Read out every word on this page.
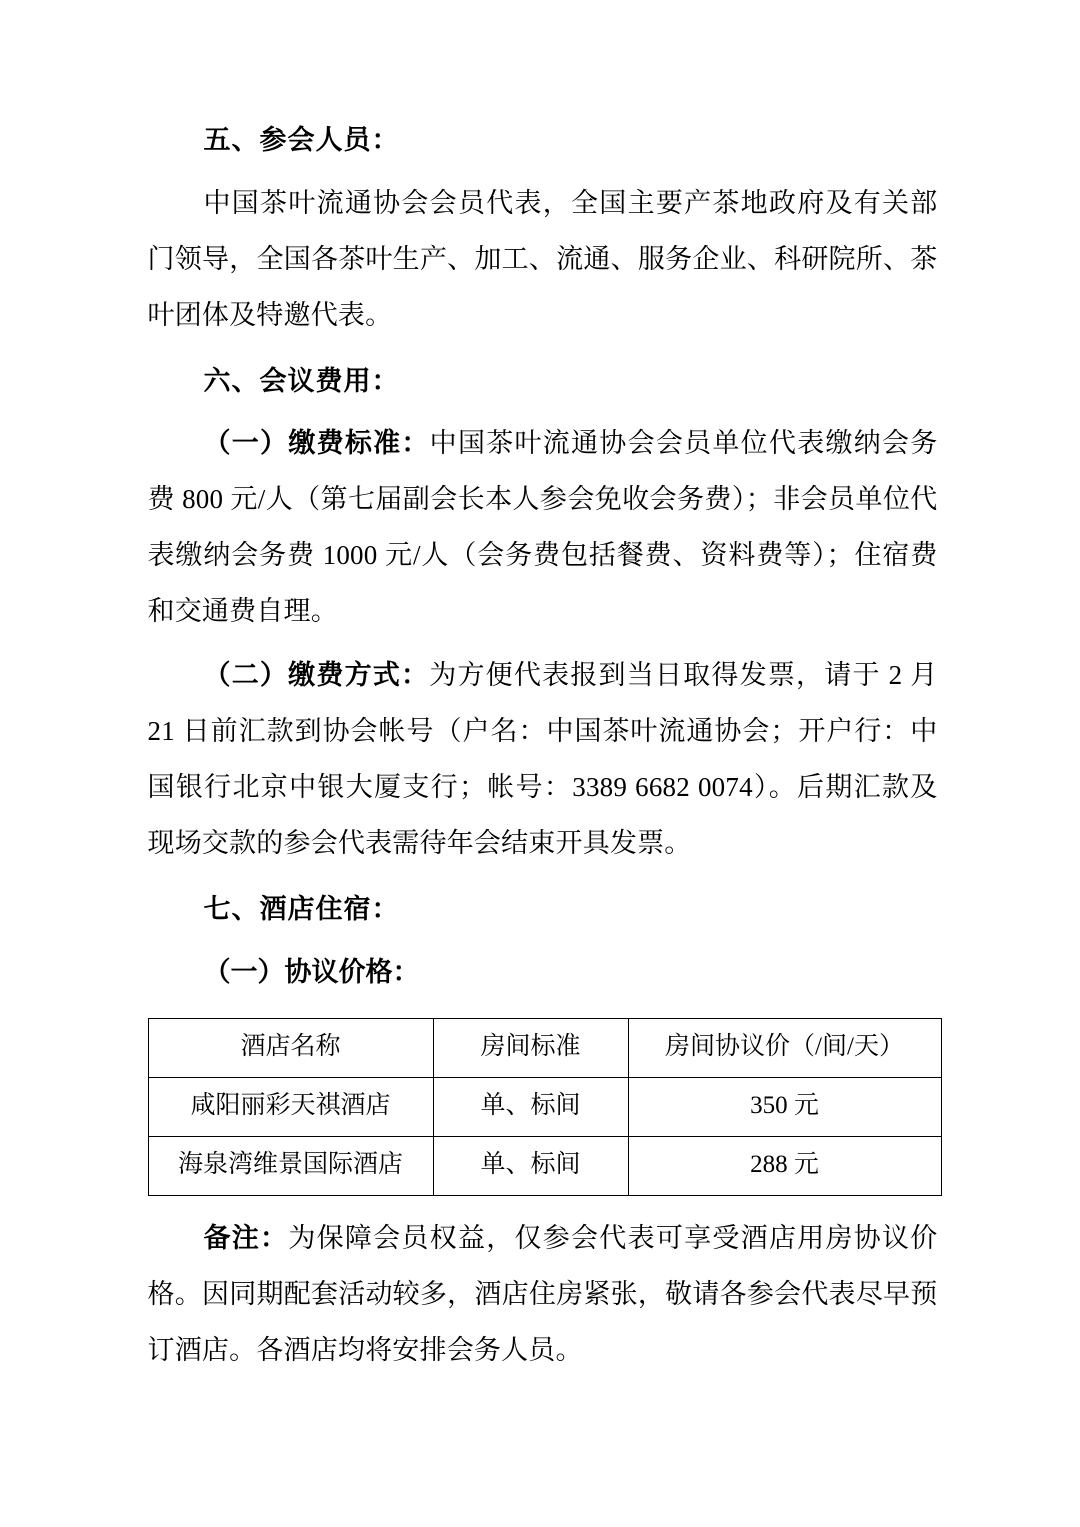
五、参会人员：

中国茶叶流通协会会员代表，全国主要产茶地政府及有关部门领导，全国各茶叶生产、加工、流通、服务企业、科研院所、茶叶团体及特邀代表。

六、会议费用：

（一）缴费标准：中国茶叶流通协会会员单位代表缴纳会务费 800 元/人（第七届副会长本人参会免收会务费）；非会员单位代表缴纳会务费 1000 元/人（会务费包括餐费、资料费等）；住宿费和交通费自理。

（二）缴费方式：为方便代表报到当日取得发票，请于 2 月 21 日前汇款到协会帐号（户名：中国茶叶流通协会；开户行：中国银行北京中银大厦支行；帐号：3389 6682 0074）。后期汇款及现场交款的参会代表需待年会结束开具发票。

七、酒店住宿：

（一）协议价格：

酒店名称	房间标准	房间协议价（/间/天）
咸阳丽彩天祺酒店	单、标间	350 元
海泉湾维景国际酒店	单、标间	288 元

备注：为保障会员权益，仅参会代表可享受酒店用房协议价格。因同期配套活动较多，酒店住房紧张，敬请各参会代表尽早预订酒店。各酒店均将安排会务人员。
